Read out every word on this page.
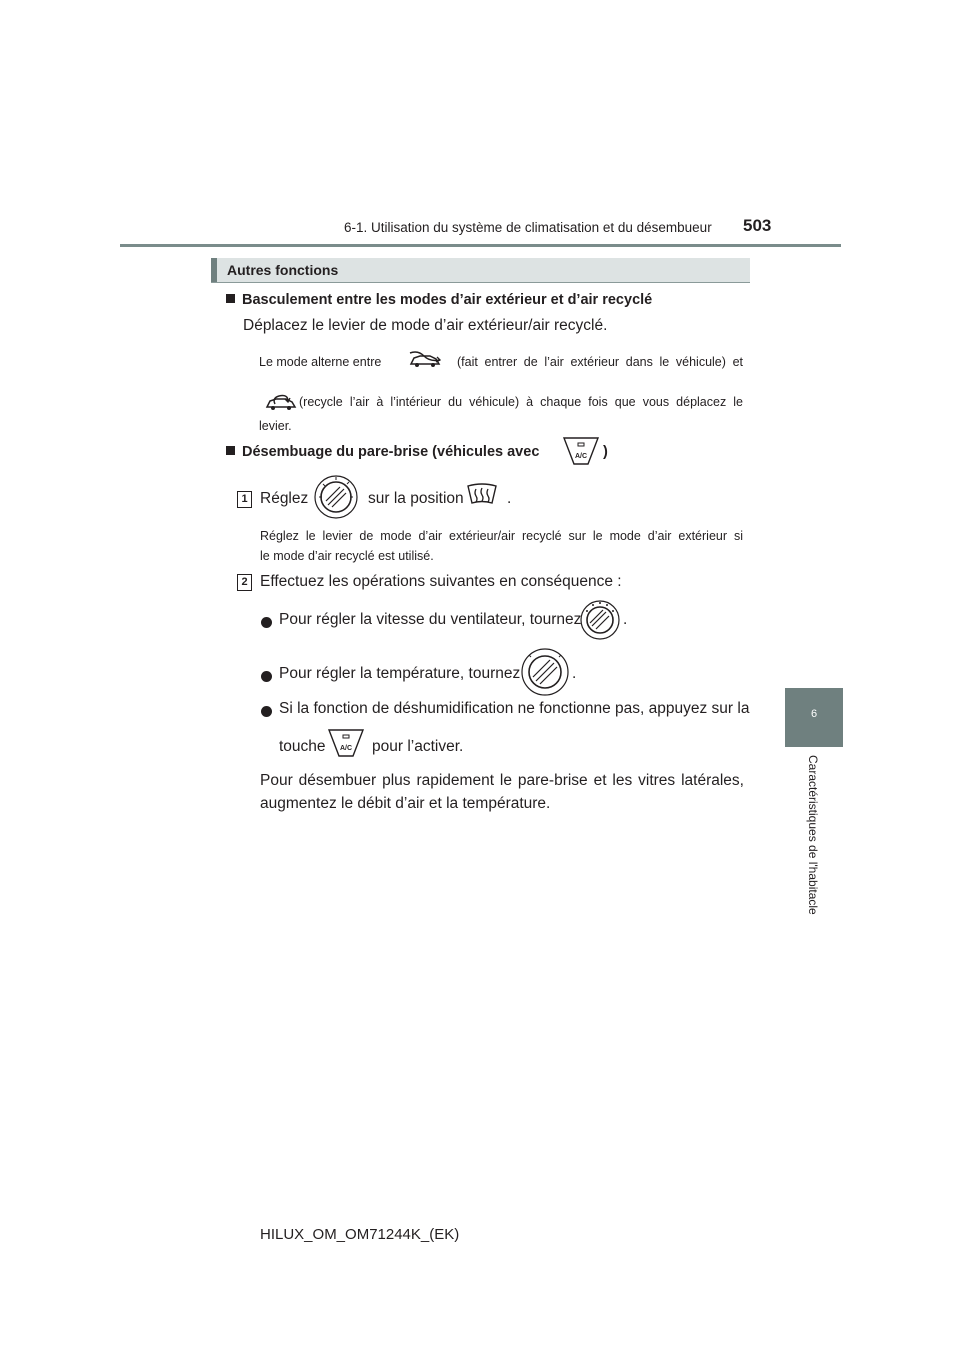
6-1. Utilisation du système de climatisation et du désembueur 503
6
Caractéristiques de l'habitacle
Autres fonctions
Basculement entre les modes d’air extérieur et d’air recyclé
Déplacez le levier de mode d’air extérieur/air recyclé.
Le mode alterne entre	(fait entrer de l’air extérieur dans le véhicule) et
(recycle l’air à l’intérieur du véhicule) à chaque fois que vous déplacez le
levier.
Désembuage du pare-brise (véhicules avec	A/C )
1 Réglez	sur la position	.
Réglez le levier de mode d’air extérieur/air recyclé sur le mode d’air extérieur si
le mode d’air recyclé est utilisé.
2 Effectuez les opérations suivantes en conséquence :
Pour régler la vitesse du ventilateur, tournez	.
Pour régler la température, tournez	.
Si la fonction de déshumidification ne fonctionne pas, appuyez sur la
touche A/C pour l’activer.
Pour désembuer plus rapidement le pare-brise et les vitres latérales,
augmentez le débit d’air et la température.
HILUX_OM_OM71244K_(EK)
